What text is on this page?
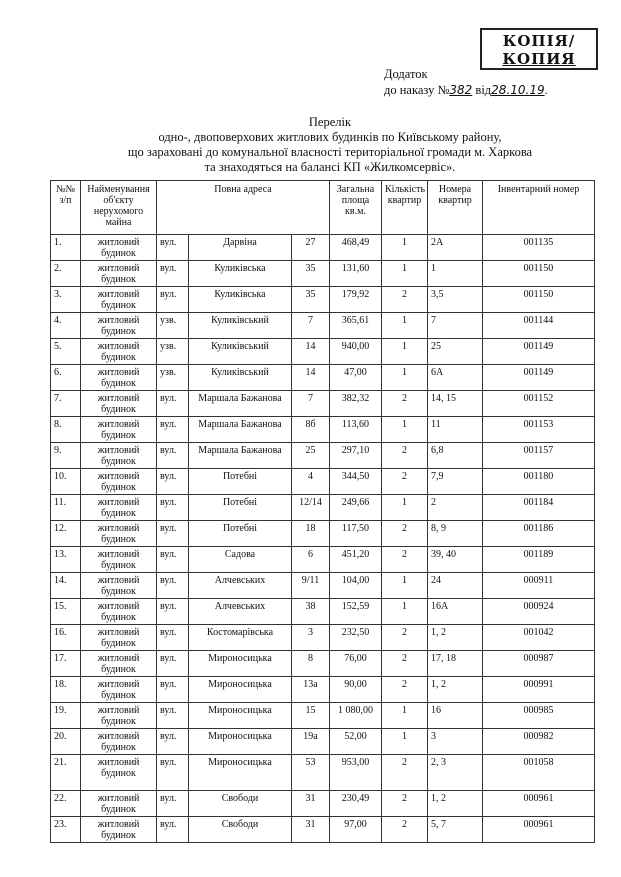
КОПІЯ/
КОПИЯ
Додаток
до наказу №382 від28.10.19.
Перелік
одно-, двоповерхових житлових будинків по Київському району,
що зараховані до комунальної власності територіальної громади м. Харкова
та знаходяться на балансі КП «Жилкомсервіс».
№№ з/п	Найменування об'єкту нерухомого майна	Повна адреса			Загальна площа кв.м.	Кількість квартир	Номера квартир	Інвентарний номер
1.	житловий будинок	вул.	Дарвіна	27	468,49	1	2А	001135
2.	житловий будинок	вул.	Куликівська	35	131,60	1	1	001150
3.	житловий будинок	вул.	Куликівська	35	179,92	2	3,5	001150
4.	житловий будинок	узв.	Куликівський	7	365,61	1	7	001144
5.	житловий будинок	узв.	Куликівський	14	940,00	1	25	001149
6.	житловий будинок	узв.	Куликівський	14	47,00	1	6А	001149
7.	житловий будинок	вул.	Маршала Бажанова	7	382,32	2	14, 15	001152
8.	житловий будинок	вул.	Маршала Бажанова	8б	113,60	1	11	001153
9.	житловий будинок	вул.	Маршала Бажанова	25	297,10	2	6,8	001157
10.	житловий будинок	вул.	Потебні	4	344,50	2	7,9	001180
11.	житловий будинок	вул.	Потебні	12/14	249,66	1	2	001184
12.	житловий будинок	вул.	Потебні	18	117,50	2	8, 9	001186
13.	житловий будинок	вул.	Садова	6	451,20	2	39, 40	001189
14.	житловий будинок	вул.	Алчевських	9/11	104,00	1	24	000911
15.	житловий будинок	вул.	Алчевських	38	152,59	1	16А	000924
16.	житловий будинок	вул.	Костомарівська	3	232,50	2	1, 2	001042
17.	житловий будинок	вул.	Мироносицька	8	76,00	2	17, 18	000987
18.	житловий будинок	вул.	Мироносицька	13а	90,00	2	1, 2	000991
19.	житловий будинок	вул.	Мироносицька	15	1 080,00	1	16	000985
20.	житловий будинок	вул.	Мироносицька	19а	52,00	1	3	000982
21.	житловий будинок	вул.	Мироносицька	53	953,00	2	2, 3	001058
22.	житловий будинок	вул.	Свободи	31	230,49	2	1, 2	000961
23.	житловий будинок	вул.	Свободи	31	97,00	2	5, 7	000961
